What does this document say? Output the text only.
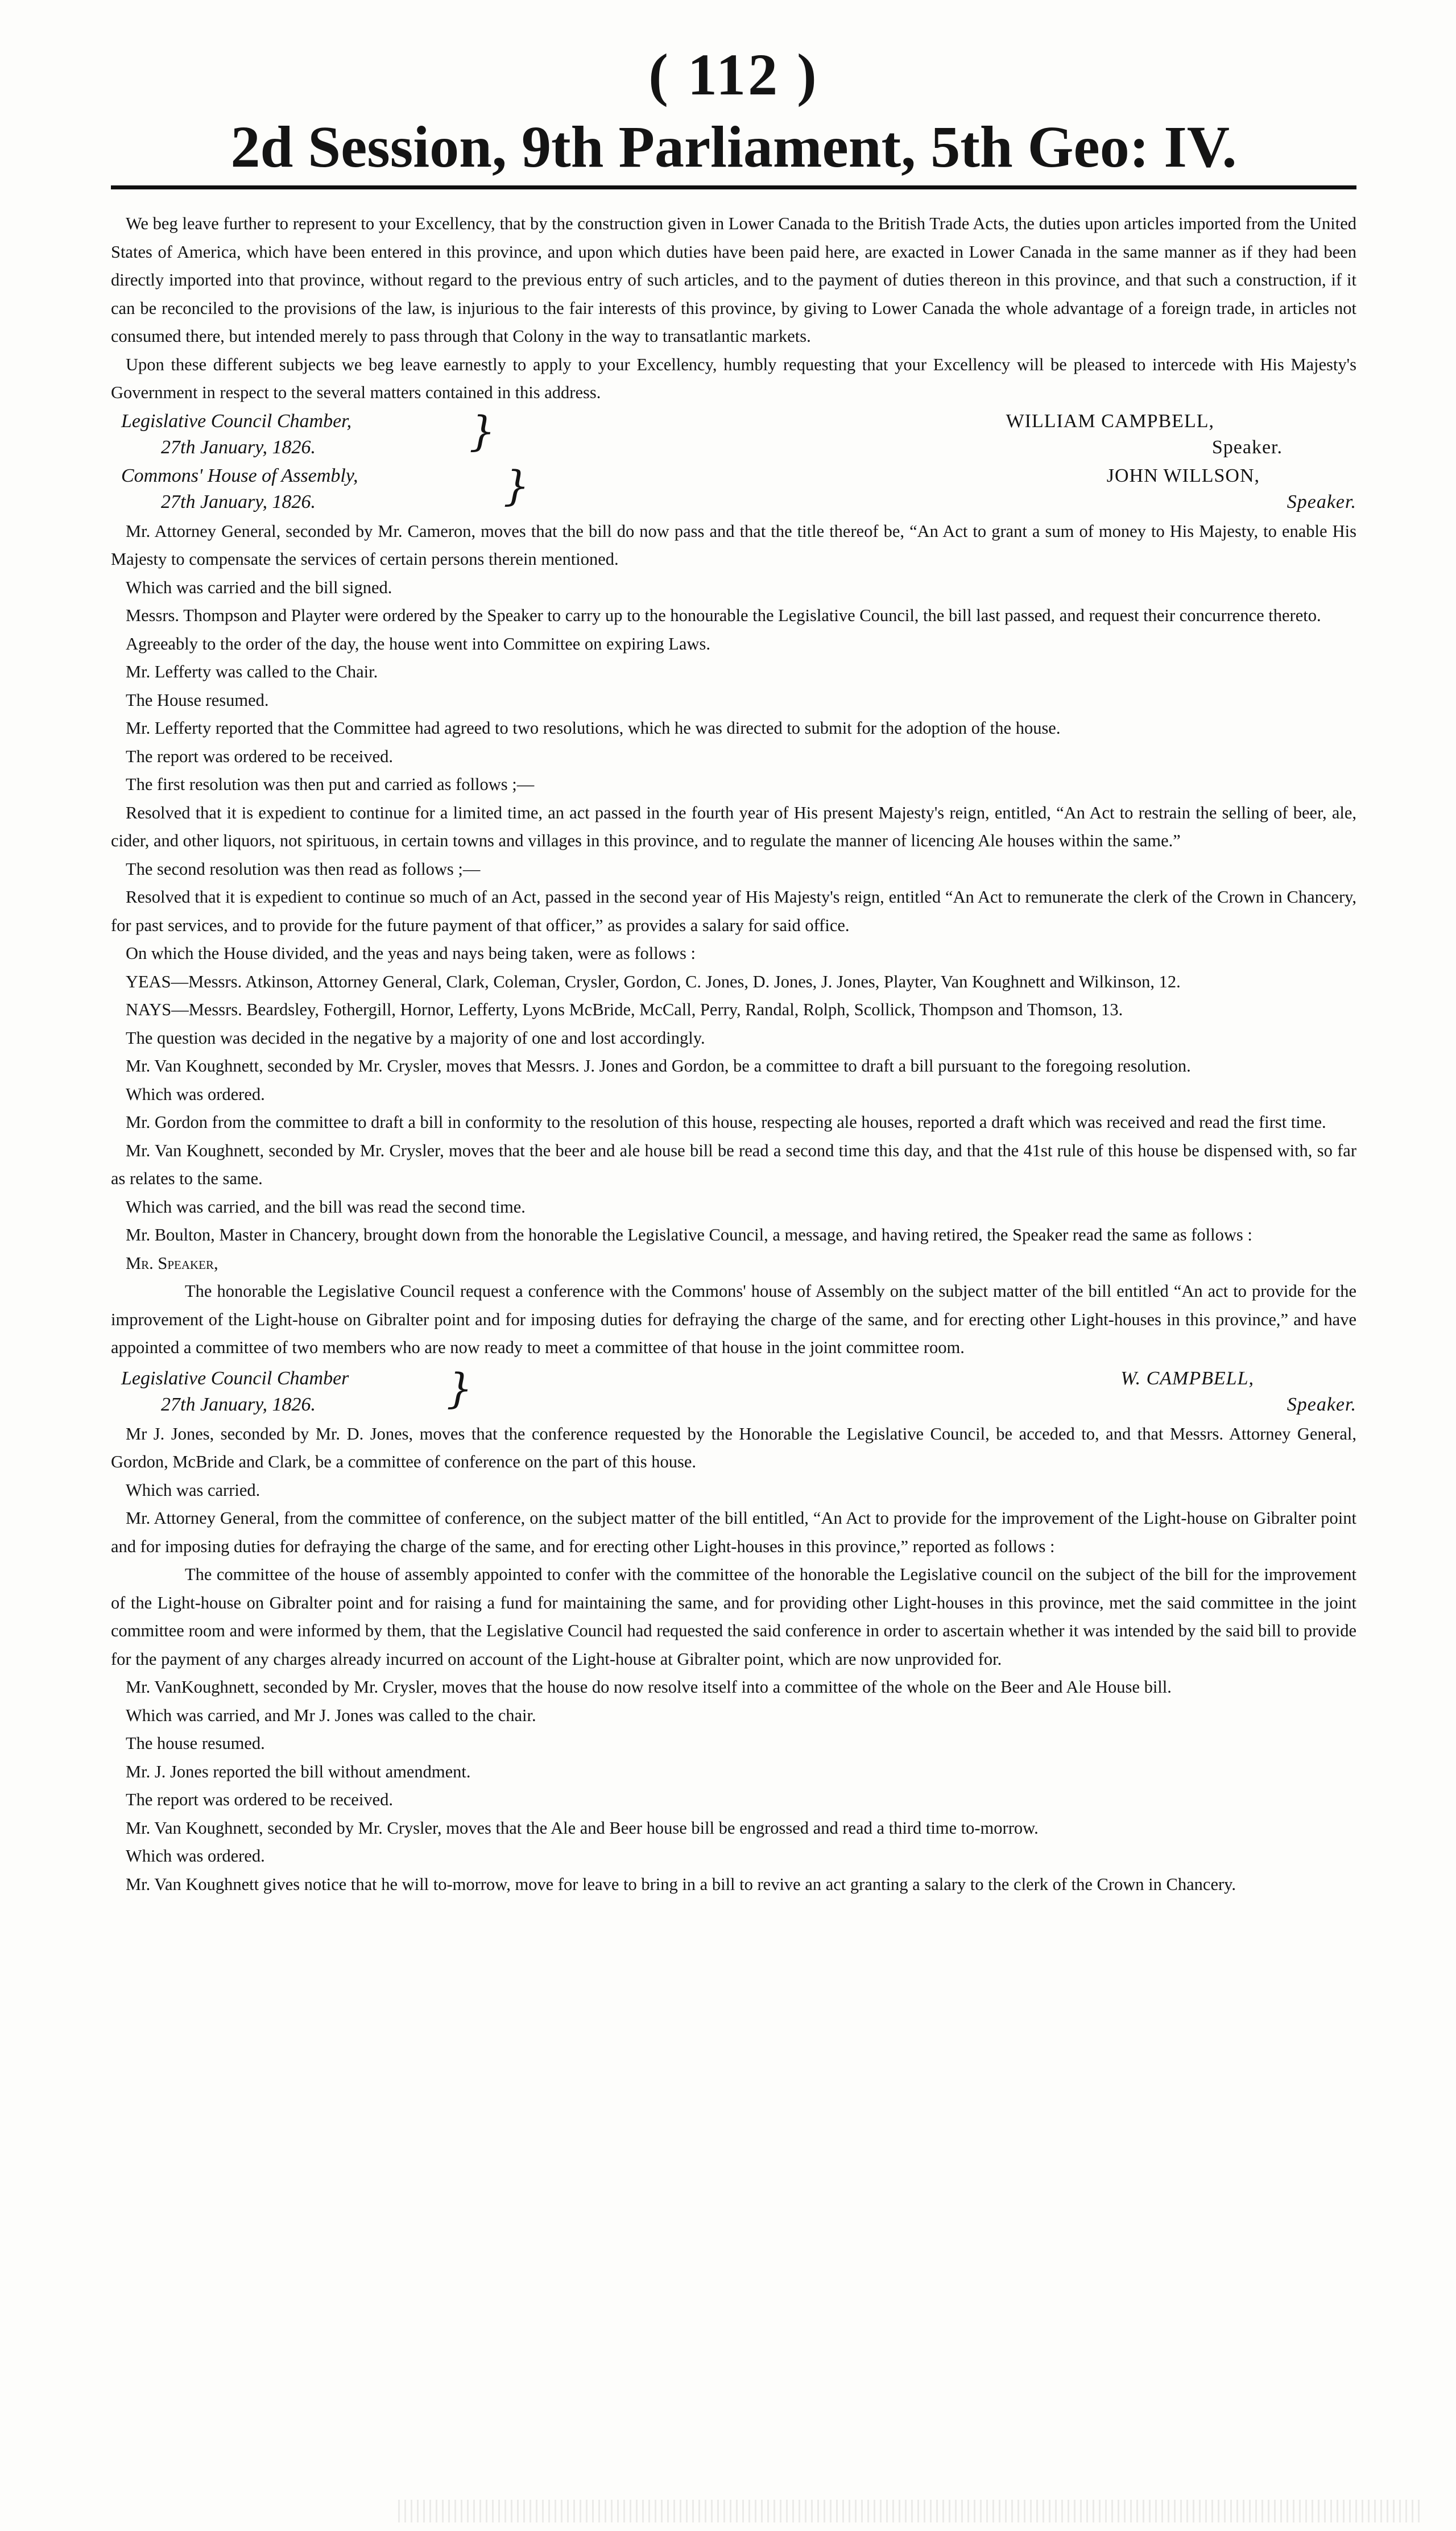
( 112 )
2d Session, 9th Parliament, 5th Geo: IV.

We beg leave further to represent to your Excellency, that by the construction given in Lower Canada to the British Trade Acts, the duties upon articles imported from the United States of America, which have been entered in this province, and upon which duties have been paid here, are exacted in Lower Canada in the same manner as if they had been directly imported into that province, without regard to the previous entry of such articles, and to the payment of duties thereon in this province, and that such a construction, if it can be reconciled to the provisions of the law, is injurious to the fair interests of this province, by giving to Lower Canada the whole advantage of a foreign trade, in articles not consumed there, but intended merely to pass through that Colony in the way to transatlantic markets.

Upon these different subjects we beg leave earnestly to apply to your Excellency, humbly requesting that your Excellency will be pleased to intercede with His Majesty's Government in respect to the several matters contained in this address.

Legislative Council Chamber,
27th January, 1826.	}	WILLIAM CAMPBELL,
Speaker.
Commons' House of Assembly,
27th January, 1826.	}	JOHN WILLSON,
Speaker.

Mr. Attorney General, seconded by Mr. Cameron, moves that the bill do now pass and that the title thereof be, “An Act to grant a sum of money to His Majesty, to enable His Majesty to compensate the services of certain persons therein mentioned.

Which was carried and the bill signed.

Messrs. Thompson and Playter were ordered by the Speaker to carry up to the honourable the Legislative Council, the bill last passed, and request their concurrence thereto.

Agreeably to the order of the day, the house went into Committee on expiring Laws.

Mr. Lefferty was called to the Chair.

The House resumed.

Mr. Lefferty reported that the Committee had agreed to two resolutions, which he was directed to submit for the adoption of the house.

The report was ordered to be received.

The first resolution was then put and carried as follows ;—

Resolved that it is expedient to continue for a limited time, an act passed in the fourth year of His present Majesty's reign, entitled, “An Act to restrain the selling of beer, ale, cider, and other liquors, not spirituous, in certain towns and villages in this province, and to regulate the manner of licencing Ale houses within the same.”

The second resolution was then read as follows ;—

Resolved that it is expedient to continue so much of an Act, passed in the second year of His Majesty's reign, entitled “An Act to remunerate the clerk of the Crown in Chancery, for past services, and to provide for the future payment of that officer,” as provides a salary for said office.

On which the House divided, and the yeas and nays being taken, were as follows :

YEAS—Messrs. Atkinson, Attorney General, Clark, Coleman, Crysler, Gordon, C. Jones, D. Jones, J. Jones, Playter, Van Koughnett and Wilkinson, 12.

NAYS—Messrs. Beardsley, Fothergill, Hornor, Lefferty, Lyons McBride, McCall, Perry, Randal, Rolph, Scollick, Thompson and Thomson, 13.

The question was decided in the negative by a majority of one and lost accordingly.

Mr. Van Koughnett, seconded by Mr. Crysler, moves that Messrs. J. Jones and Gordon, be a committee to draft a bill pursuant to the foregoing resolution.

Which was ordered.

Mr. Gordon from the committee to draft a bill in conformity to the resolution of this house, respecting ale houses, reported a draft which was received and read the first time.

Mr. Van Koughnett, seconded by Mr. Crysler, moves that the beer and ale house bill be read a second time this day, and that the 41st rule of this house be dispensed with, so far as relates to the same.

Which was carried, and the bill was read the second time.

Mr. Boulton, Master in Chancery, brought down from the honorable the Legislative Council, a message, and having retired, the Speaker read the same as follows :

Mr. Speaker,

The honorable the Legislative Council request a conference with the Commons' house of Assembly on the subject matter of the bill entitled “An act to provide for the improvement of the Light-house on Gibralter point and for imposing duties for defraying the charge of the same, and for erecting other Light-houses in this province,” and have appointed a committee of two members who are now ready to meet a committee of that house in the joint committee room.

Legislative Council Chamber
27th January, 1826.	}	W. CAMPBELL,
Speaker.

Mr J. Jones, seconded by Mr. D. Jones, moves that the conference requested by the Honorable the Legislative Council, be acceded to, and that Messrs. Attorney General, Gordon, McBride and Clark, be a committee of conference on the part of this house.

Which was carried.

Mr. Attorney General, from the committee of conference, on the subject matter of the bill entitled, “An Act to provide for the improvement of the Light-house on Gibralter point and for imposing duties for defraying the charge of the same, and for erecting other Light-houses in this province,” reported as follows :

The committee of the house of assembly appointed to confer with the committee of the honorable the Legislative council on the subject of the bill for the improvement of the Light-house on Gibralter point and for raising a fund for maintaining the same, and for providing other Light-houses in this province, met the said committee in the joint committee room and were informed by them, that the Legislative Council had requested the said conference in order to ascertain whether it was intended by the said bill to provide for the payment of any charges already incurred on account of the Light-house at Gibralter point, which are now unprovided for.

Mr. VanKoughnett, seconded by Mr. Crysler, moves that the house do now resolve itself into a committee of the whole on the Beer and Ale House bill.

Which was carried, and Mr J. Jones was called to the chair.

The house resumed.

Mr. J. Jones reported the bill without amendment.

The report was ordered to be received.

Mr. Van Koughnett, seconded by Mr. Crysler, moves that the Ale and Beer house bill be engrossed and read a third time to-morrow.

Which was ordered.

Mr. Van Koughnett gives notice that he will to-morrow, move for leave to bring in a bill to revive an act granting a salary to the clerk of the Crown in Chancery.
